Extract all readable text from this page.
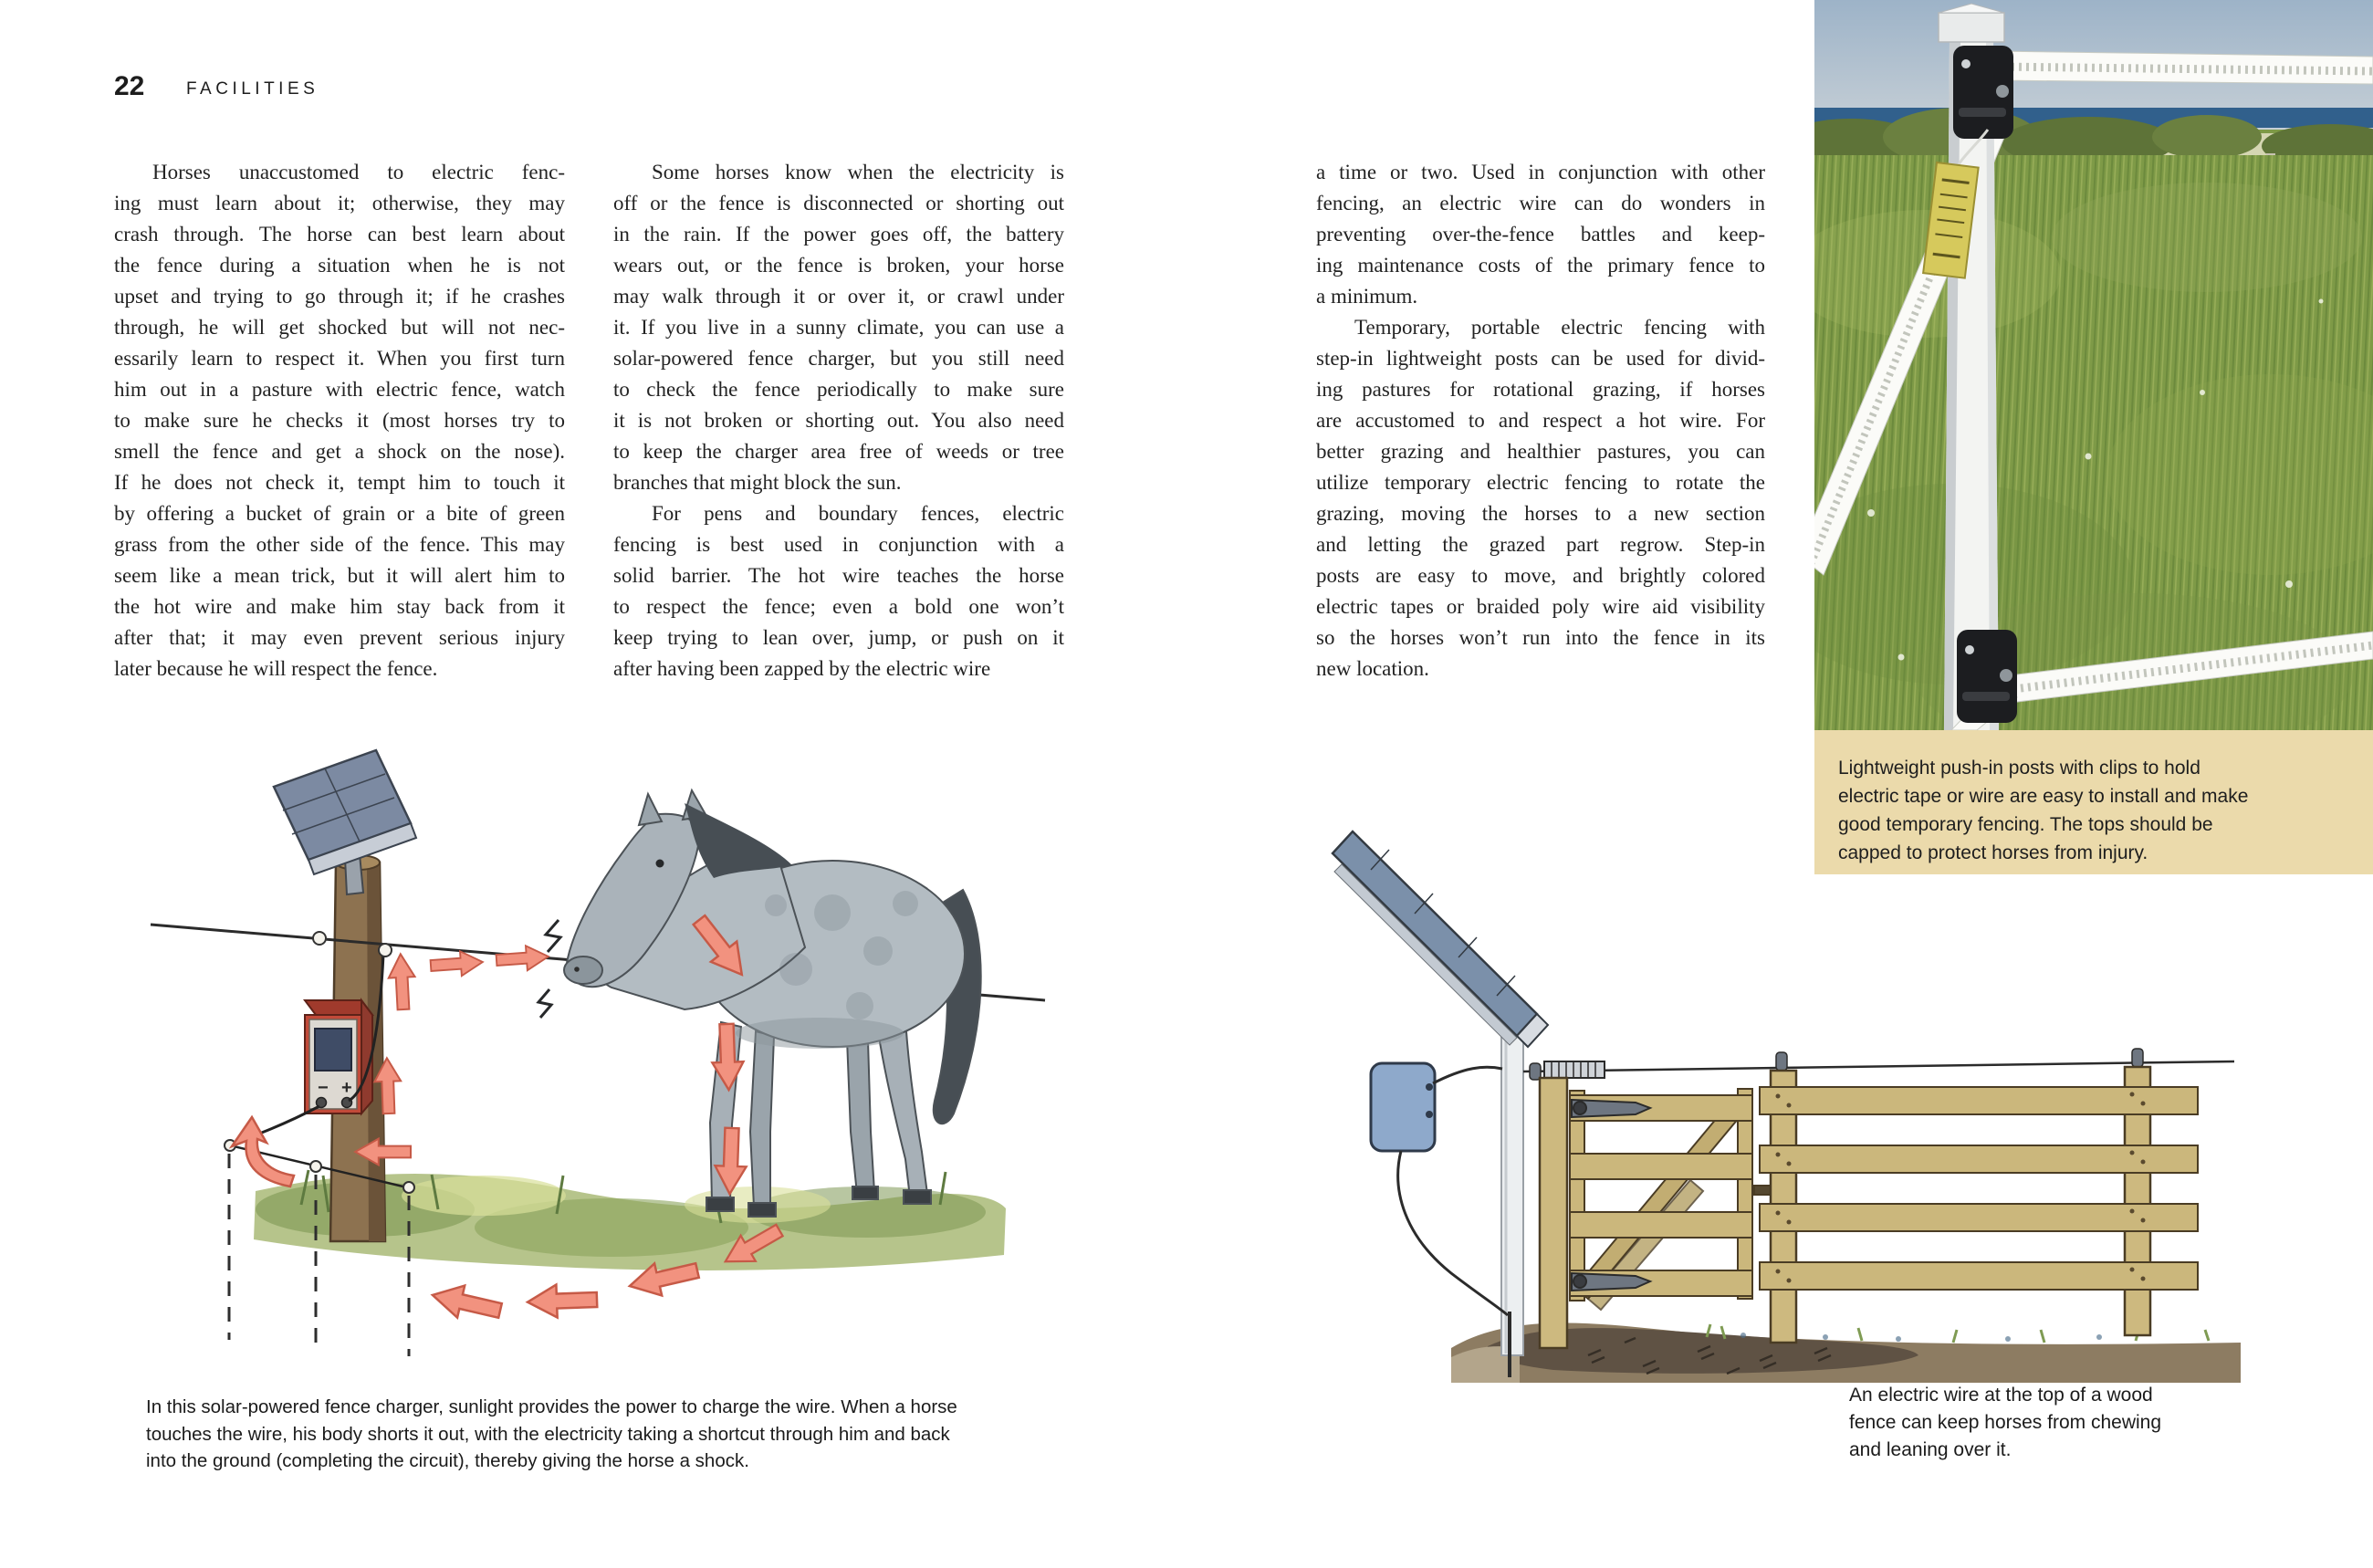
22 FACILITIES
Horses unaccustomed to electric fenc-
ing must learn about it; otherwise, they may
crash through. The horse can best learn about
the fence during a situation when he is not
upset and trying to go through it; if he crashes
through, he will get shocked but will not nec-
essarily learn to respect it. When you first turn
him out in a pasture with electric fence, watch
to make sure he checks it (most horses try to
smell the fence and get a shock on the nose).
If he does not check it, tempt him to touch it
by offering a bucket of grain or a bite of green
grass from the other side of the fence. This may
seem like a mean trick, but it will alert him to
the hot wire and make him stay back from it
after that; it may even prevent serious injury
later because he will respect the fence.
Some horses know when the electricity is
off or the fence is disconnected or shorting out
in the rain. If the power goes off, the battery
wears out, or the fence is broken, your horse
may walk through it or over it, or crawl under
it. If you live in a sunny climate, you can use a
solar-powered fence charger, but you still need
to check the fence periodically to make sure
it is not broken or shorting out. You also need
to keep the charger area free of weeds or tree
branches that might block the sun.
For pens and boundary fences, electric
fencing is best used in conjunction with a
solid barrier. The hot wire teaches the horse
to respect the fence; even a bold one won’t
keep trying to lean over, jump, or push on it
after having been zapped by the electric wire
a time or two. Used in conjunction with other
fencing, an electric wire can do wonders in
preventing over-the-fence battles and keep-
ing maintenance costs of the primary fence to
a minimum.
Temporary, portable electric fencing with
step-in lightweight posts can be used for divid-
ing pastures for rotational grazing, if horses
are accustomed to and respect a hot wire. For
better grazing and healthier pastures, you can
utilize temporary electric fencing to rotate the
grazing, moving the horses to a new section
and letting the grazed part regrow. Step-in
posts are easy to move, and brightly colored
electric tapes or braided poly wire aid visibility
so the horses won’t run into the fence in its
new location.
Lightweight push-in posts with clips to hold
electric tape or wire are easy to install and make
good temporary fencing. The tops should be
capped to protect horses from injury.
− +
In this solar-powered fence charger, sunlight provides the power to charge the wire. When a horse
touches the wire, his body shorts it out, with the electricity taking a shortcut through him and back
into the ground (completing the circuit), thereby giving the horse a shock.
An electric wire at the top of a wood
fence can keep horses from chewing
and leaning over it.
